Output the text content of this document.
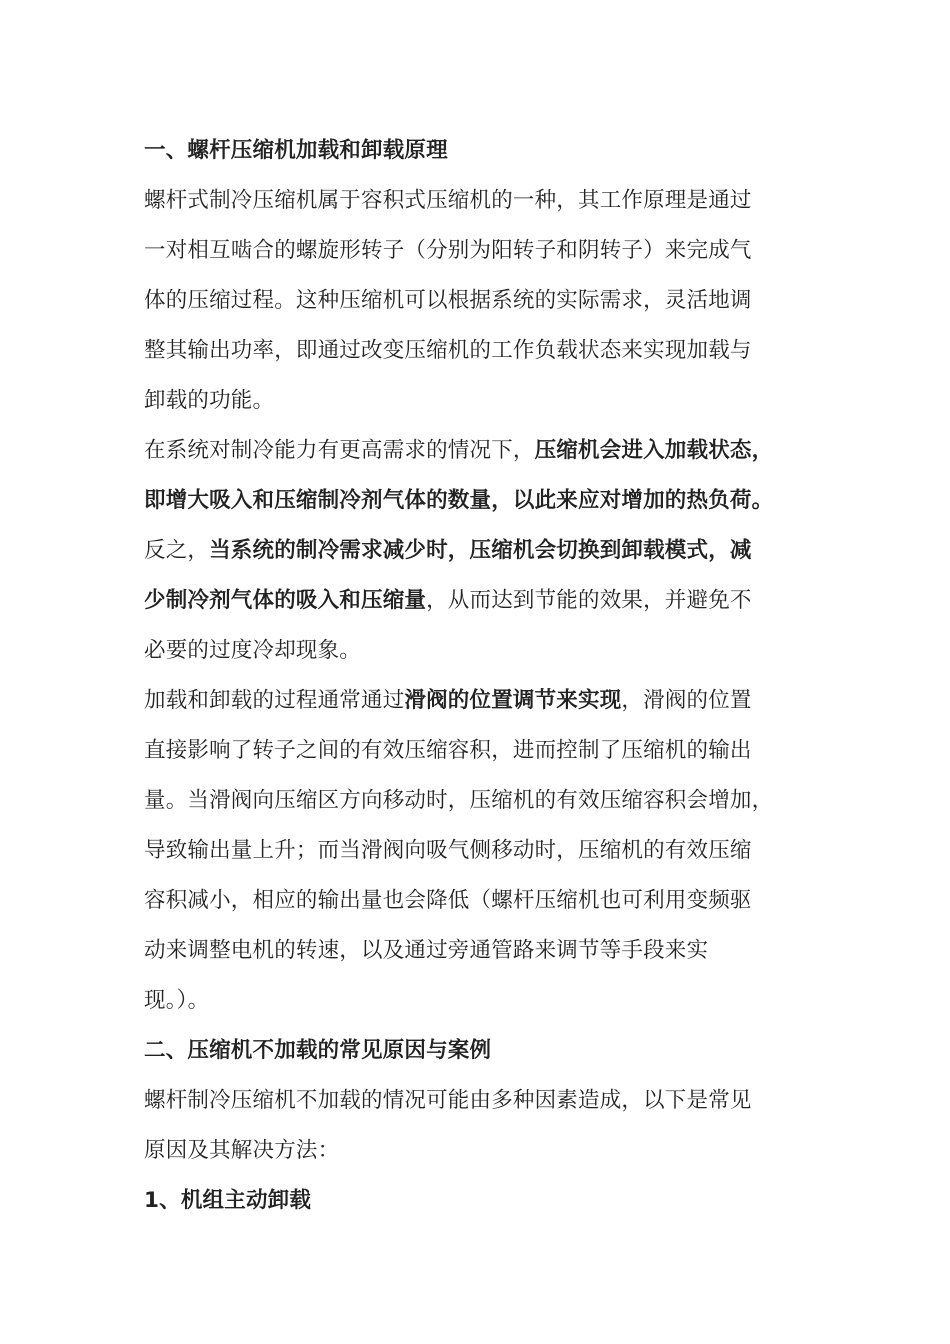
一、螺杆压缩机加载和卸载原理
螺杆式制冷压缩机属于容积式压缩机的一种，其工作原理是通过
一对相互啮合的螺旋形转子（分别为阳转子和阴转子）来完成气
体的压缩过程。这种压缩机可以根据系统的实际需求，灵活地调
整其输出功率，即通过改变压缩机的工作负载状态来实现加载与
卸载的功能。
在系统对制冷能力有更高需求的情况下，压缩机会进入加载状态，
即增大吸入和压缩制冷剂气体的数量，以此来应对增加的热负荷。
反之，当系统的制冷需求减少时，压缩机会切换到卸载模式，减
少制冷剂气体的吸入和压缩量，从而达到节能的效果，并避免不
必要的过度冷却现象。
加载和卸载的过程通常通过滑阀的位置调节来实现，滑阀的位置
直接影响了转子之间的有效压缩容积，进而控制了压缩机的输出
量。当滑阀向压缩区方向移动时，压缩机的有效压缩容积会增加，
导致输出量上升；而当滑阀向吸气侧移动时，压缩机的有效压缩
容积减小，相应的输出量也会降低（螺杆压缩机也可利用变频驱
动来调整电机的转速，以及通过旁通管路来调节等手段来实
现。）。
二、压缩机不加载的常见原因与案例
螺杆制冷压缩机不加载的情况可能由多种因素造成，以下是常见
原因及其解决方法：
1、机组主动卸载
